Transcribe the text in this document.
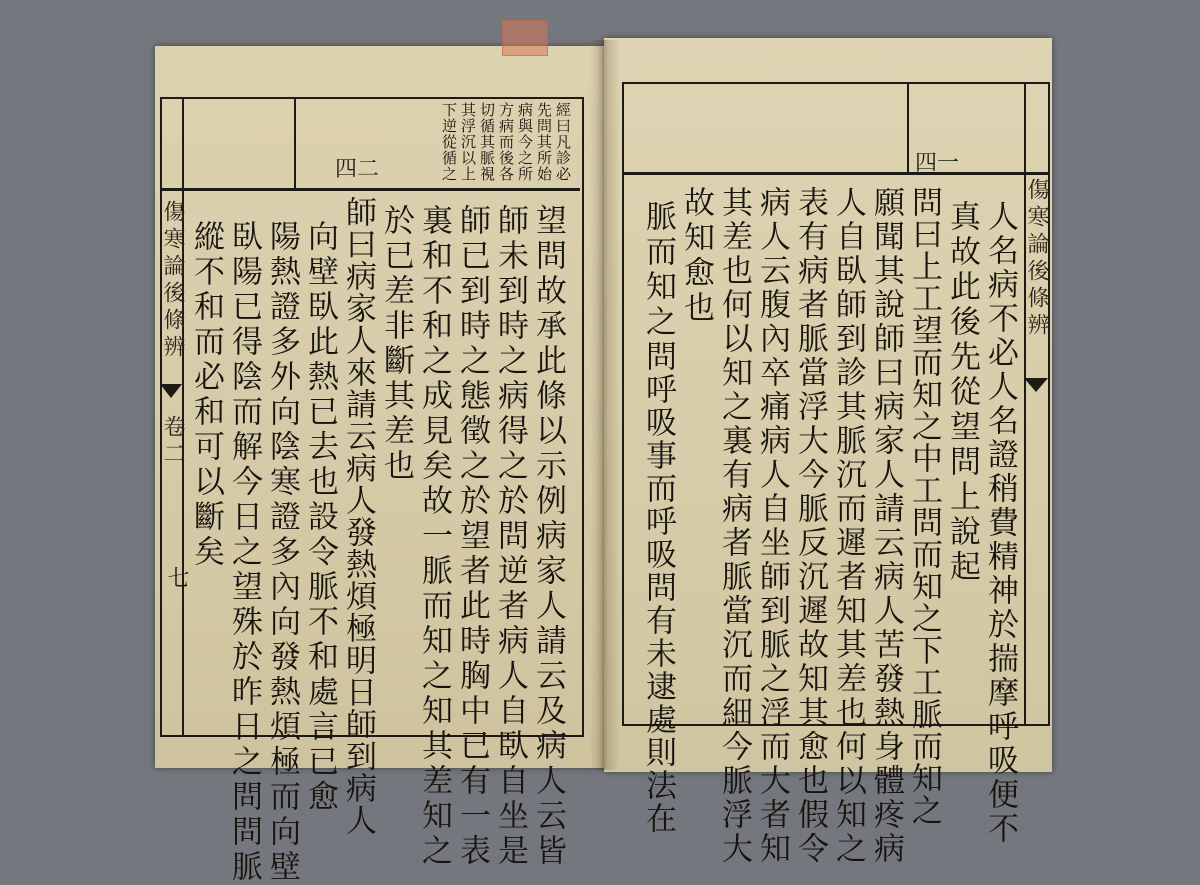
四二	經曰凡診必
先問其所始
病與今之所
方病而後各
切循其脈視
其浮沉以上
下逆從循之
傷寒論後條辨
卷二
七	望問故承此條以示例病家人請云及病人云皆
師未到時之病得之於問逆者病人自臥自坐是
師已到時之態徵之於望者此時胸中已有一表
裏和不和之成見矣故一脈而知之知其差知之
於已差非斷其差也
師曰病家人來請云病人發熱煩極明日師到病人
向壁臥此熱已去也設令脈不和處言已愈
陽熱證多外向陰寒證多內向發熱煩極而向壁
臥陽已得陰而解今日之望殊於昨日之問問脈
縱不和而必和可以斷矣
四一
傷寒論後條辨
人名病不必人名證稍費精神於揣摩呼吸便不
真故此後先從望問上說起
問曰上工望而知之中工問而知之下工脈而知之
願聞其說師曰病家人請云病人苦發熱身體疼病
人自臥師到診其脈沉而遲者知其差也何以知之
表有病者脈當浮大今脈反沉遲故知其愈也假令
病人云腹內卒痛病人自坐師到脈之浮而大者知
其差也何以知之裏有病者脈當沉而細今脈浮大
故知愈也
脈而知之
問呼吸事而呼吸問有未逮處則法在
